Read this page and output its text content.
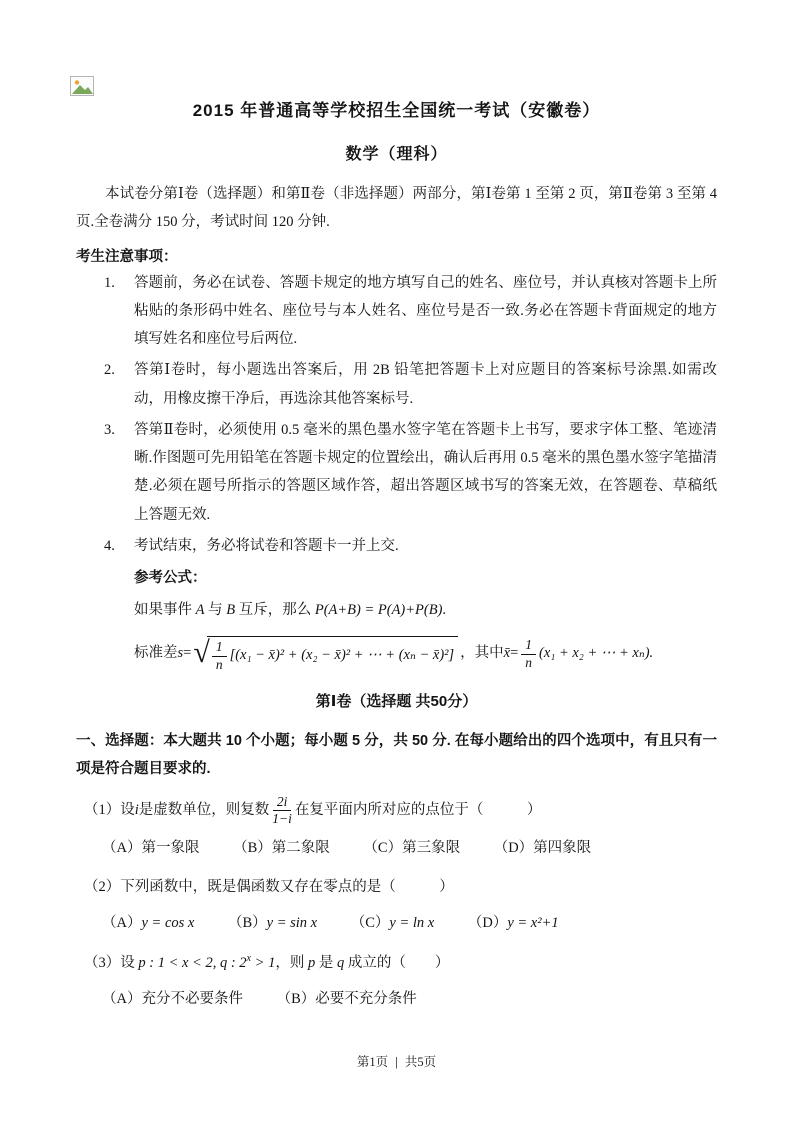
2015 年普通高等学校招生全国统一考试（安徽卷）
数学（理科）

本试卷分第Ⅰ卷（选择题）和第Ⅱ卷（非选择题）两部分，第Ⅰ卷第 1 至第 2 页，第Ⅱ卷第 3 至第 4 页.全卷满分 150 分，考试时间 120 分钟.

考生注意事项：

1.	答题前，务必在试卷、答题卡规定的地方填写自己的姓名、座位号，并认真核对答题卡上所粘贴的条形码中姓名、座位号与本人姓名、座位号是否一致.务必在答题卡背面规定的地方填写姓名和座位号后两位.
2.	答第Ⅰ卷时，每小题选出答案后，用 2B 铅笔把答题卡上对应题目的答案标号涂黑.如需改动，用橡皮擦干净后，再选涂其他答案标号.
3.	答第Ⅱ卷时，必须使用 0.5 毫米的黑色墨水签字笔在答题卡上书写，要求字体工整、笔迹清晰.作图题可先用铅笔在答题卡规定的位置绘出，确认后再用 0.5 毫米的黑色墨水签字笔描清楚.必须在题号所指示的答题区域作答，超出答题区域书写的答案无效，在答题卷、草稿纸上答题无效.
4.	考试结束，务必将试卷和答题卡一并上交.

参考公式：

如果事件 A 与 B 互斥，那么 P(A+B) = P(A)+P(B).

标准差 s = √ $\frac{1}{n} [(x_1$ − x̄)² + (x₂ − x̄)² + ⋯ + (xₙ − x̄)²] ，其中 x̄ = $\frac{1}{n} (x_1 + x_2$ + ⋯ + xₙ).

第Ⅰ卷（选择题 共50分）

一、选择题：本大题共 10 个小题；每小题 5 分，共 50 分. 在每小题给出的四个选项中，有且只有一项是符合题目要求的.

（1）设 i 是虚数单位，则复数 $\frac{2i}{1-i}$ 在复平面内所对应的点位于（　　　）

（A）第一象限 （B）第二象限 （C）第三象限 （D）第四象限

（2）下列函数中，既是偶函数又存在零点的是（　　　）

（A）y = cos x （B）y = sin x （C）y = ln x （D）y = x²+1

（3）设 p : 1 < x < 2, q : $2^x > 1$，则 p 是 q 成立的（　　）

（A）充分不必要条件 （B）必要不充分条件

第1页 | 共5页
